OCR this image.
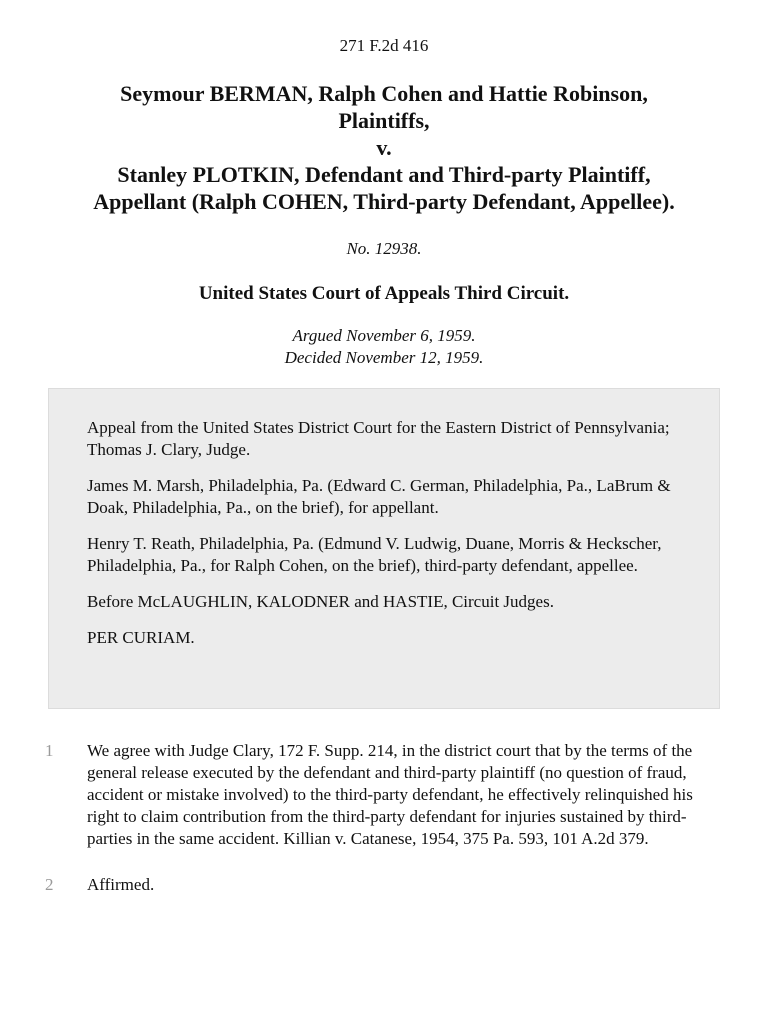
271 F.2d 416
Seymour BERMAN, Ralph Cohen and Hattie Robinson,
Plaintiffs,
v.
Stanley PLOTKIN, Defendant and Third-party Plaintiff,
Appellant (Ralph COHEN, Third-party Defendant, Appellee).
No. 12938.
United States Court of Appeals Third Circuit.
Argued November 6, 1959.
Decided November 12, 1959.

Appeal from the United States District Court for the Eastern District of Pennsylvania; Thomas J. Clary, Judge.

James M. Marsh, Philadelphia, Pa. (Edward C. German, Philadelphia, Pa., LaBrum & Doak, Philadelphia, Pa., on the brief), for appellant.

Henry T. Reath, Philadelphia, Pa. (Edmund V. Ludwig, Duane, Morris & Heckscher, Philadelphia, Pa., for Ralph Cohen, on the brief), third-party defendant, appellee.

Before McLAUGHLIN, KALODNER and HASTIE, Circuit Judges.

PER CURIAM.

1 We agree with Judge Clary, 172 F. Supp. 214, in the district court that by the terms of the general release executed by the defendant and third-party plaintiff (no question of fraud, accident or mistake involved) to the third-party defendant, he effectively relinquished his right to claim contribution from the third-party defendant for injuries sustained by third-parties in the same accident. Killian v. Catanese, 1954, 375 Pa. 593, 101 A.2d 379.
2 Affirmed.
